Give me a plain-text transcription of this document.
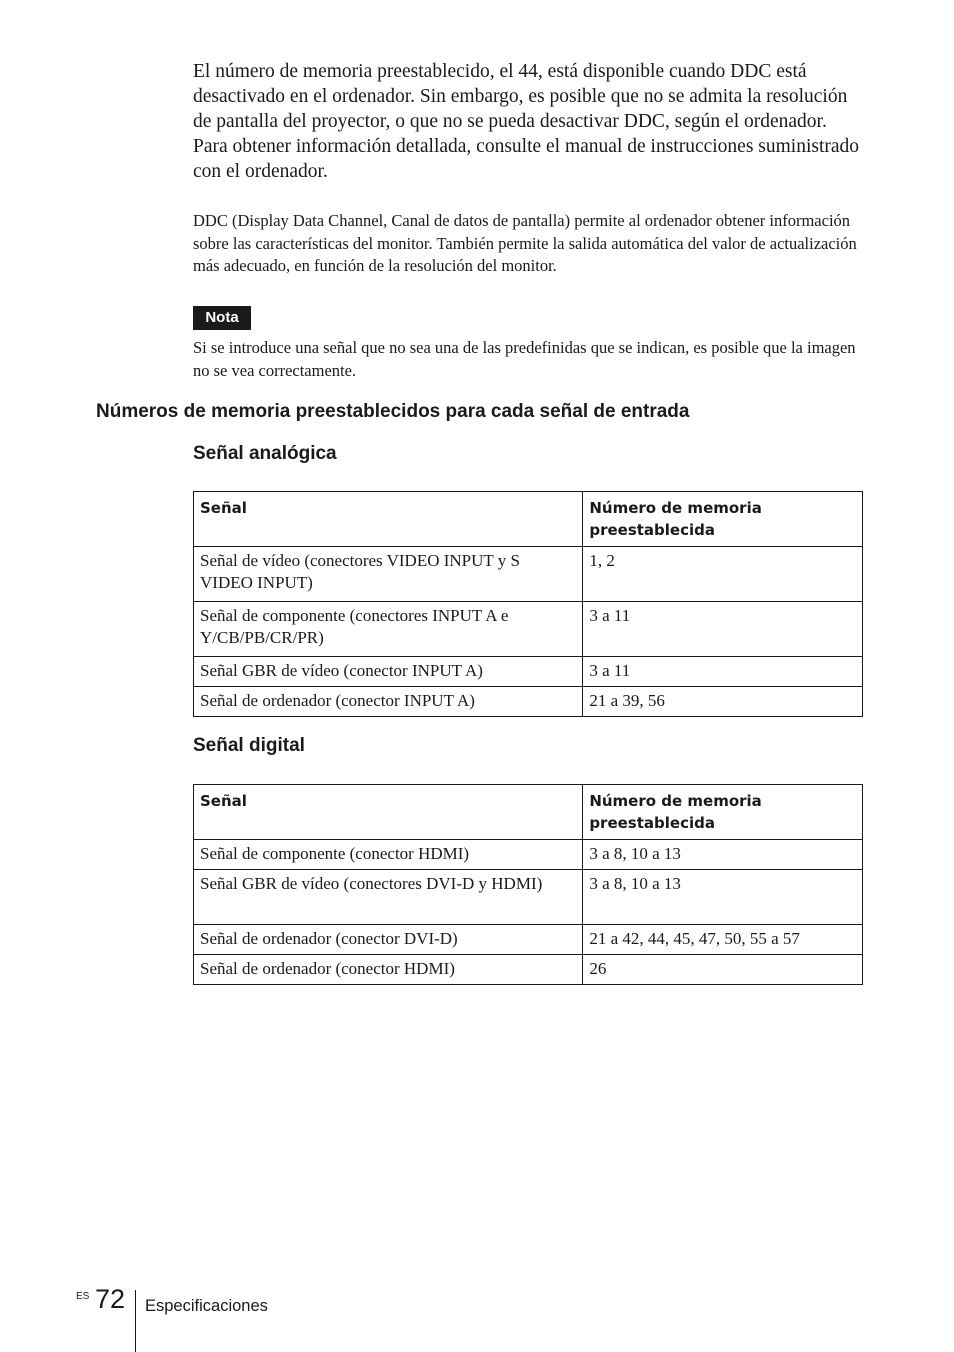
El número de memoria preestablecido, el 44, está disponible cuando DDC está desactivado en el ordenador. Sin embargo, es posible que no se admita la resolución de pantalla del proyector, o que no se pueda desactivar DDC, según el ordenador. Para obtener información detallada, consulte el manual de instrucciones suministrado con el ordenador.
DDC (Display Data Channel, Canal de datos de pantalla) permite al ordenador obtener información sobre las características del monitor. También permite la salida automática del valor de actualización más adecuado, en función de la resolución del monitor.
Nota
Si se introduce una señal que no sea una de las predefinidas que se indican, es posible que la imagen no se vea correctamente.
Números de memoria preestablecidos para cada señal de entrada
Señal analógica
Señal	Número de memoria preestablecida
Señal de vídeo (conectores VIDEO INPUT y S VIDEO INPUT)	1, 2
Señal de componente (conectores INPUT A e Y/CB/PB/CR/PR)	3 a 11
Señal GBR de vídeo (conector INPUT A)	3 a 11
Señal de ordenador (conector INPUT A)	21 a 39, 56
Señal digital
Señal	Número de memoria preestablecida
Señal de componente (conector HDMI)	3 a 8, 10 a 13
Señal GBR de vídeo (conectores DVI-D y HDMI)	3 a 8, 10 a 13
Señal de ordenador (conector DVI-D)	21 a 42, 44, 45, 47, 50, 55 a 57
Señal de ordenador (conector HDMI)	26
ES 72 Especificaciones
